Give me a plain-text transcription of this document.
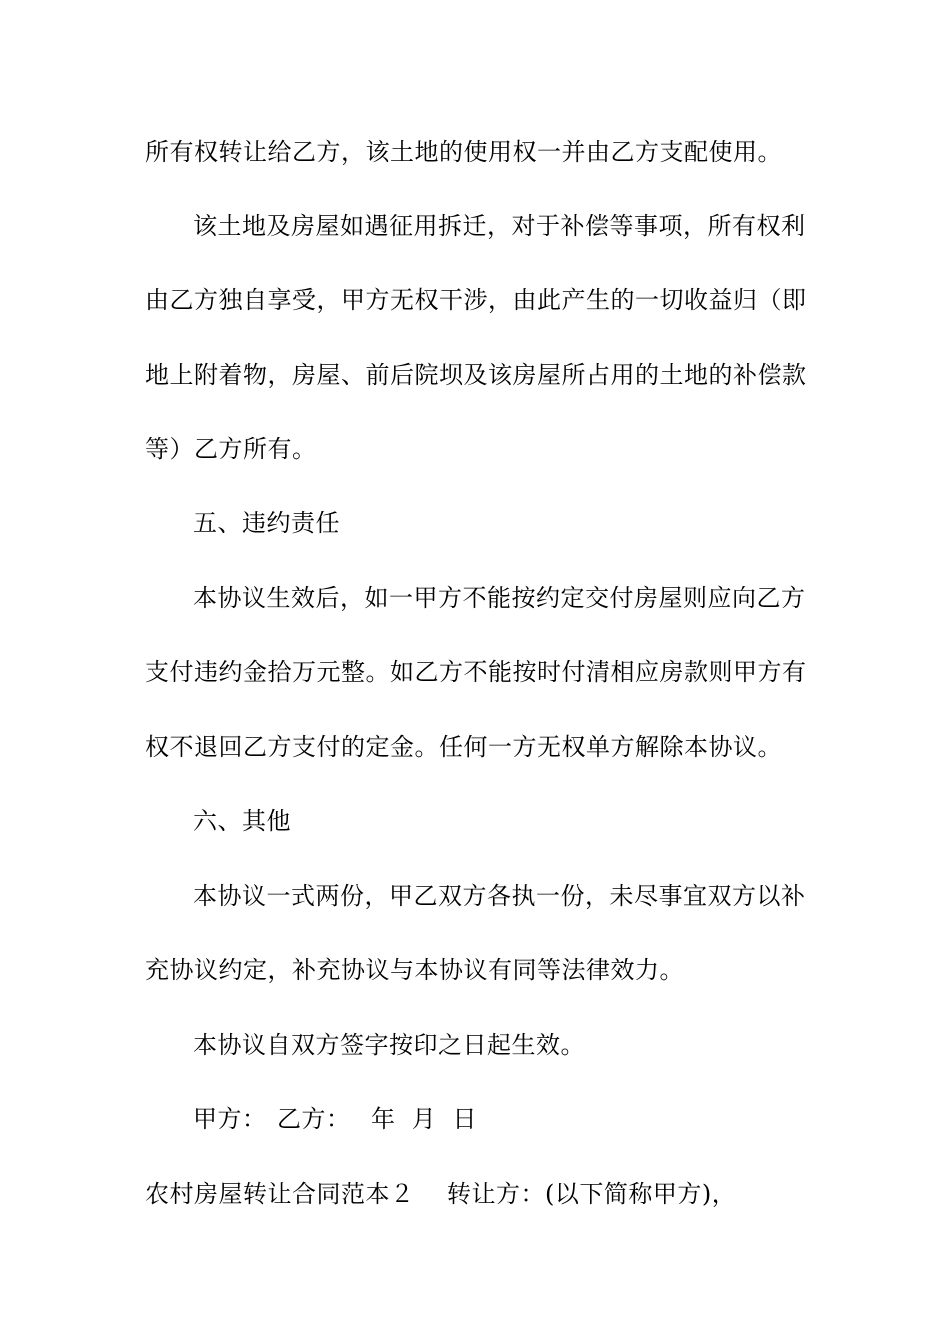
所有权转让给乙方，该土地的使用权一并由乙方支配使用。
该土地及房屋如遇征用拆迁，对于补偿等事项，所有权利
由乙方独自享受，甲方无权干涉，由此产生的一切收益归（即
地上附着物，房屋、前后院坝及该房屋所占用的土地的补偿款
等）乙方所有。
五、违约责任
本协议生效后，如一甲方不能按约定交付房屋则应向乙方
支付违约金拾万元整。如乙方不能按时付清相应房款则甲方有
权不退回乙方支付的定金。任何一方无权单方解除本协议。
六、其他
本协议一式两份，甲乙双方各执一份，未尽事宜双方以补
充协议约定，补充协议与本协议有同等法律效力。
本协议自双方签字按印之日起生效。
甲方： 乙方： 年  月  日
农村房屋转让合同范本２ 转让方：(以下简称甲方)，
